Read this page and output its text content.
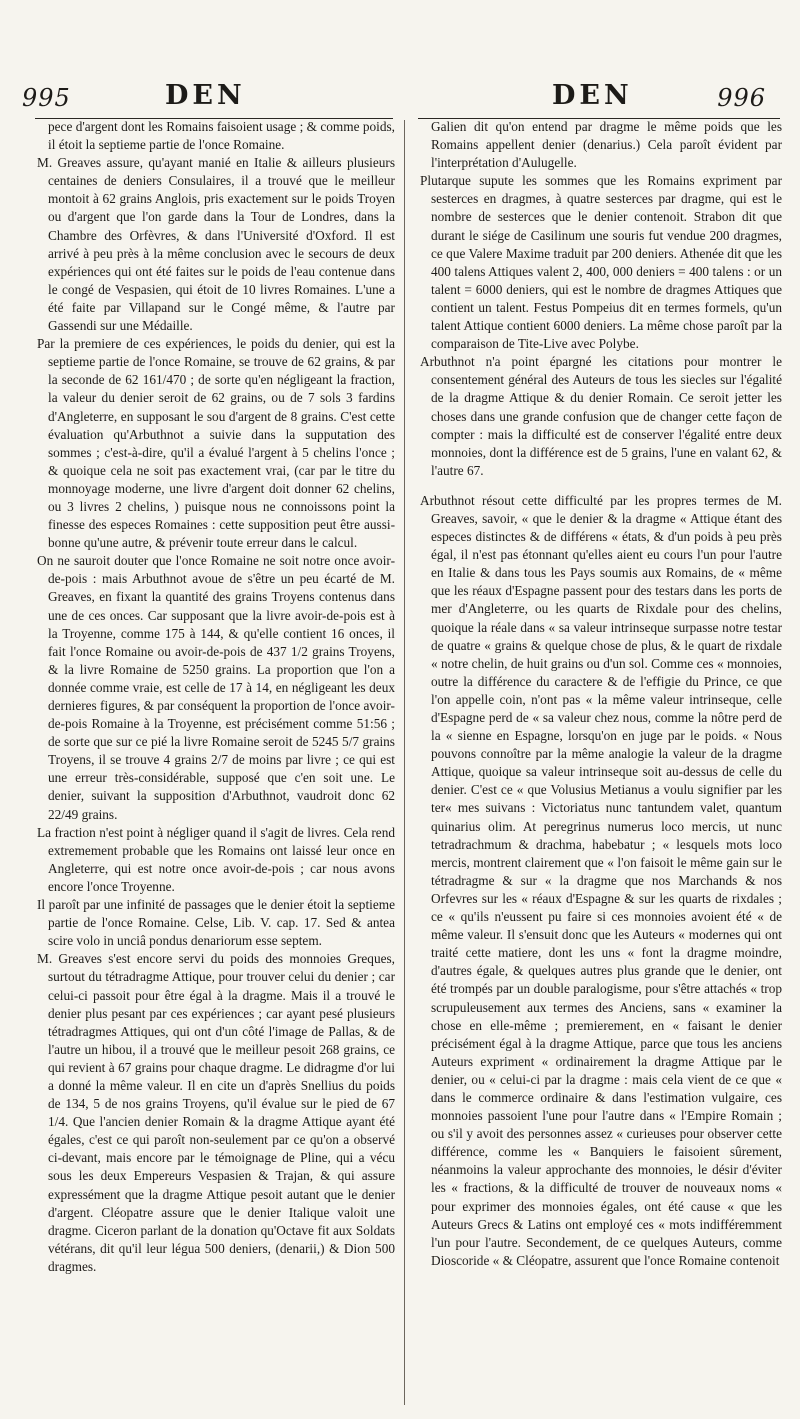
995	DEN	DEN	996

pece d'argent dont les Romains faisoient usage ; & comme poids, il étoit la septieme partie de l'once Romaine.

M. Greaves assure, qu'ayant manié en Italie & ailleurs plusieurs centaines de deniers Consulaires, il a trouvé que le meilleur montoit à 62 grains Anglois, pris exactement sur le poids Troyen ou d'argent que l'on garde dans la Tour de Londres, dans la Chambre des Orfèvres, & dans l'Université d'Oxford. Il est arrivé à peu près à la même conclusion avec le secours de deux expériences qui ont été faites sur le poids de l'eau contenue dans le congé de Vespasien, qui étoit de 10 livres Romaines. L'une a été faite par Villapand sur le Congé même, & l'autre par Gassendi sur une Médaille.

Par la premiere de ces expériences, le poids du denier, qui est la septieme partie de l'once Romaine, se trouve de 62 grains, & par la seconde de 62 161/470 ; de sorte qu'en négligeant la fraction, la valeur du denier seroit de 62 grains, ou de 7 sols 3 fardins d'Angleterre, en supposant le sou d'argent de 8 grains. C'est cette évaluation qu'Arbuthnot a suivie dans la supputation des sommes ; c'est-à-dire, qu'il a évalué l'argent à 5 chelins l'once ; & quoique cela ne soit pas exactement vrai, (car par le titre du monnoyage moderne, une livre d'argent doit donner 62 chelins, ou 3 livres 2 chelins, ) puisque nous ne connoissons point la finesse des especes Romaines : cette supposition peut être aussi-bonne qu'une autre, & prévenir toute erreur dans le calcul.

On ne sauroit douter que l'once Romaine ne soit notre once avoir-de-pois : mais Arbuthnot avoue de s'être un peu écarté de M. Greaves, en fixant la quantité des grains Troyens contenus dans une de ces onces. Car supposant que la livre avoir-de-pois est à la Troyenne, comme 175 à 144, & qu'elle contient 16 onces, il fait l'once Romaine ou avoir-de-pois de 437 1/2 grains Troyens, & la livre Romaine de 5250 grains. La proportion que l'on a donnée comme vraie, est celle de 17 à 14, en négligeant les deux dernieres figures, & par conséquent la proportion de l'once avoir-de-pois Romaine à la Troyenne, est précisément comme 51:56 ; de sorte que sur ce pié la livre Romaine seroit de 5245 5/7 grains Troyens, il se trouve 4 grains 2/7 de moins par livre ; ce qui est une erreur très-considérable, supposé que c'en soit une. Le denier, suivant la supposition d'Arbuthnot, vaudroit donc 62 22/49 grains.

La fraction n'est point à négliger quand il s'agit de livres. Cela rend extremement probable que les Romains ont laissé leur once en Angleterre, qui est notre once avoir-de-pois ; car nous avons encore l'once Troyenne.

Il paroît par une infinité de passages que le denier étoit la septieme partie de l'once Romaine. Celse, Lib. V. cap. 17. Sed & antea scire volo in unciâ pondus denariorum esse septem.

M. Greaves s'est encore servi du poids des monnoies Greques, surtout du tétradragme Attique, pour trouver celui du denier ; car celui-ci passoit pour être égal à la dragme. Mais il a trouvé le denier plus pesant par ces expériences ; car ayant pesé plusieurs tétradragmes Attiques, qui ont d'un côté l'image de Pallas, & de l'autre un hibou, il a trouvé que le meilleur pesoit 268 grains, ce qui revient à 67 grains pour chaque dragme. Le didragme d'or lui a donné la même valeur. Il en cite un d'après Snellius du poids de 134, 5 de nos grains Troyens, qu'il évalue sur le pied de 67 1/4. Que l'ancien denier Romain & la dragme Attique ayant été égales, c'est ce qui paroît non-seulement par ce qu'on a observé ci-devant, mais encore par le témoignage de Pline, qui a vécu sous les deux Empereurs Vespasien & Trajan, & qui assure expressément que la dragme Attique pesoit autant que le denier d'argent. Cléopatre assure que le denier Italique valoit une dragme. Ciceron parlant de la donation qu'Octave fit aux Soldats vétérans, dit qu'il leur légua 500 deniers, (denarii,) & Dion 500 dragmes.

Galien dit qu'on entend par dragme le même poids que les Romains appellent denier (denarius.) Cela paroît évident par l'interprétation d'Aulugelle.

Plutarque supute les sommes que les Romains expriment par sesterces en dragmes, à quatre sesterces par dragme, qui est le nombre de sesterces que le denier contenoit. Strabon dit que durant le siége de Casilinum une souris fut vendue 200 dragmes, ce que Valere Maxime traduit par 200 deniers. Athenée dit que les 400 talens Attiques valent 2, 400, 000 deniers = 400 talens : or un talent = 6000 deniers, qui est le nombre de dragmes Attiques que contient un talent. Festus Pompeius dit en termes formels, qu'un talent Attique contient 6000 deniers. La même chose paroît par la comparaison de Tite-Live avec Polybe.

Arbuthnot n'a point épargné les citations pour montrer le consentement général des Auteurs de tous les siecles sur l'égalité de la dragme Attique & du denier Romain. Ce seroit jetter les choses dans une grande confusion que de changer cette façon de compter : mais la difficulté est de conserver l'égalité entre deux monnoies, dont la différence est de 5 grains, l'une en valant 62, & l'autre 67.

Arbuthnot résout cette difficulté par les propres termes de M. Greaves, savoir, « que le denier & la dragme « Attique étant des especes distinctes & de différens « états, & d'un poids à peu près égal, il n'est pas étonnant qu'elles aient eu cours l'un pour l'autre en Italie & dans tous les Pays soumis aux Romains, de « même que les réaux d'Espagne passent pour des testars dans les ports de mer d'Angleterre, ou les quarts de Rixdale pour des chelins, quoique la réale dans « sa valeur intrinseque surpasse notre testar de quatre « grains & quelque chose de plus, & le quart de rixdale « notre chelin, de huit grains ou d'un sol. Comme ces « monnoies, outre la différence du caractere & de l'effigie du Prince, ce que l'on appelle coin, n'ont pas « la même valeur intrinseque, celle d'Espagne perd de « sa valeur chez nous, comme la nôtre perd de la « sienne en Espagne, lorsqu'on en juge par le poids. « Nous pouvons connoître par la même analogie la valeur de la dragme Attique, quoique sa valeur intrinseque soit au-dessus de celle du denier. C'est ce « que Volusius Metianus a voulu signifier par les ter« mes suivans : Victoriatus nunc tantundem valet, quantum quinarius olim. At peregrinus numerus loco mercis, ut nunc tetradrachmum & drachma, habebatur ; « lesquels mots loco mercis, montrent clairement que « l'on faisoit le même gain sur le tétradragme & sur « la dragme que nos Marchands & nos Orfevres sur les « réaux d'Espagne & sur les quarts de rixdales ; ce « qu'ils n'eussent pu faire si ces monnoies avoient été « de même valeur. Il s'ensuit donc que les Auteurs « modernes qui ont traité cette matiere, dont les uns « font la dragme moindre, d'autres égale, & quelques autres plus grande que le denier, ont été trompés par un double paralogisme, pour s'être attachés « trop scrupuleusement aux termes des Anciens, sans « examiner la chose en elle-même ; premierement, en « faisant le denier précisément égal à la dragme Attique, parce que tous les anciens Auteurs expriment « ordinairement la dragme Attique par le denier, ou « celui-ci par la dragme : mais cela vient de ce que « dans le commerce ordinaire & dans l'estimation vulgaire, ces monnoies passoient l'une pour l'autre dans « l'Empire Romain ; ou s'il y avoit des personnes assez « curieuses pour observer cette différence, comme les « Banquiers le faisoient sûrement, néanmoins la valeur approchante des monnoies, le désir d'éviter les « fractions, & la difficulté de trouver de nouveaux noms « pour exprimer des monnoies égales, ont été cause « que les Auteurs Grecs & Latins ont employé ces « mots indifféremment l'un pour l'autre. Secondement, de ce quelques Auteurs, comme Dioscoride « & Cléopatre, assurent que l'once Romaine contenoit
